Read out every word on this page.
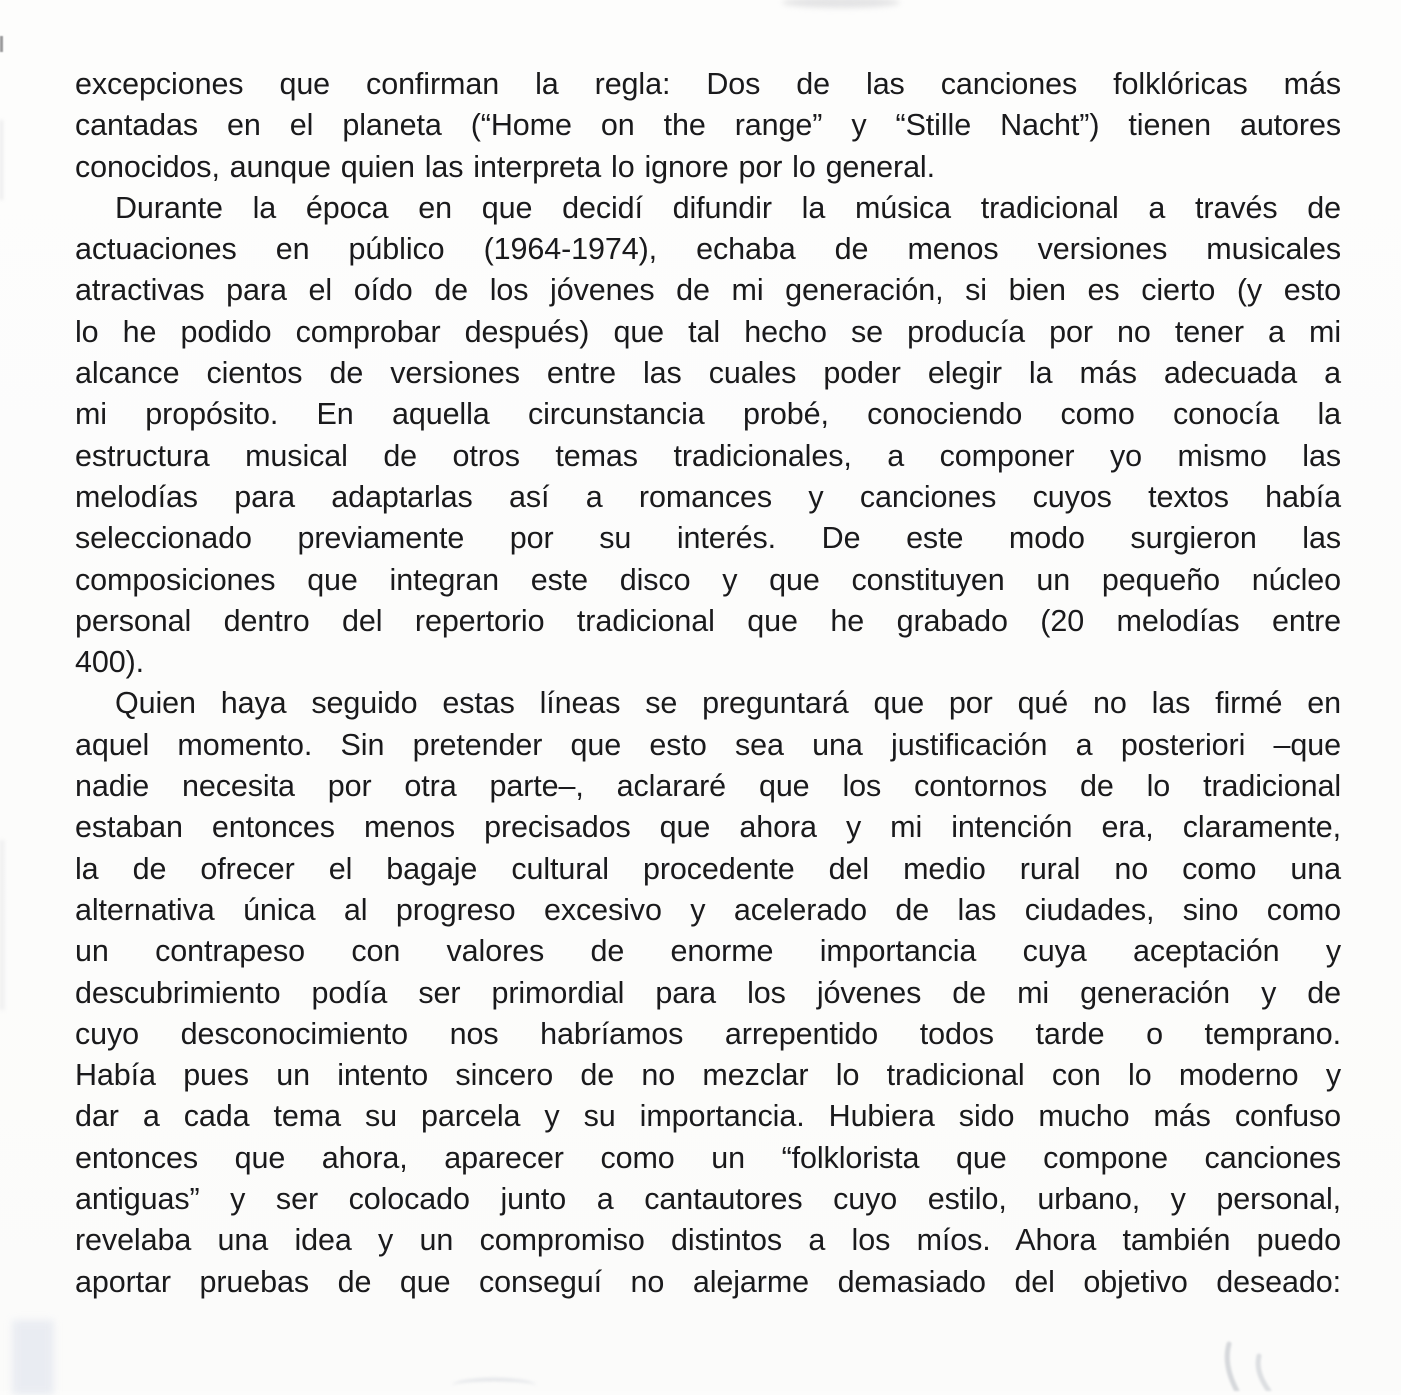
excepciones que confirman la regla: Dos de las canciones folklóricas más
cantadas en el planeta (“Home on the range” y “Stille Nacht”) tienen autores
conocidos, aunque quien las interpreta lo ignore por lo general.

Durante la época en que decidí difundir la música tradicional a través de
actuaciones en público (1964-1974), echaba de menos versiones musicales
atractivas para el oído de los jóvenes de mi generación, si bien es cierto (y esto
lo he podido comprobar después) que tal hecho se producía por no tener a mi
alcance cientos de versiones entre las cuales poder elegir la más adecuada a
mi propósito. En aquella circunstancia probé, conociendo como conocía la
estructura musical de otros temas tradicionales, a componer yo mismo las
melodías para adaptarlas así a romances y canciones cuyos textos había
seleccionado previamente por su interés. De este modo surgieron las
composiciones que integran este disco y que constituyen un pequeño núcleo
personal dentro del repertorio tradicional que he grabado (20 melodías entre
400).

Quien haya seguido estas líneas se preguntará que por qué no las firmé en
aquel momento. Sin pretender que esto sea una justificación a posteriori –que
nadie necesita por otra parte–, aclararé que los contornos de lo tradicional
estaban entonces menos precisados que ahora y mi intención era, claramente,
la de ofrecer el bagaje cultural procedente del medio rural no como una
alternativa única al progreso excesivo y acelerado de las ciudades, sino como
un contrapeso con valores de enorme importancia cuya aceptación y
descubrimiento podía ser primordial para los jóvenes de mi generación y de
cuyo desconocimiento nos habríamos arrepentido todos tarde o temprano.
Había pues un intento sincero de no mezclar lo tradicional con lo moderno y
dar a cada tema su parcela y su importancia. Hubiera sido mucho más confuso
entonces que ahora, aparecer como un “folklorista que compone canciones
antiguas” y ser colocado junto a cantautores cuyo estilo, urbano, y personal,
revelaba una idea y un compromiso distintos a los míos. Ahora también puedo
aportar pruebas de que conseguí no alejarme demasiado del objetivo deseado:
